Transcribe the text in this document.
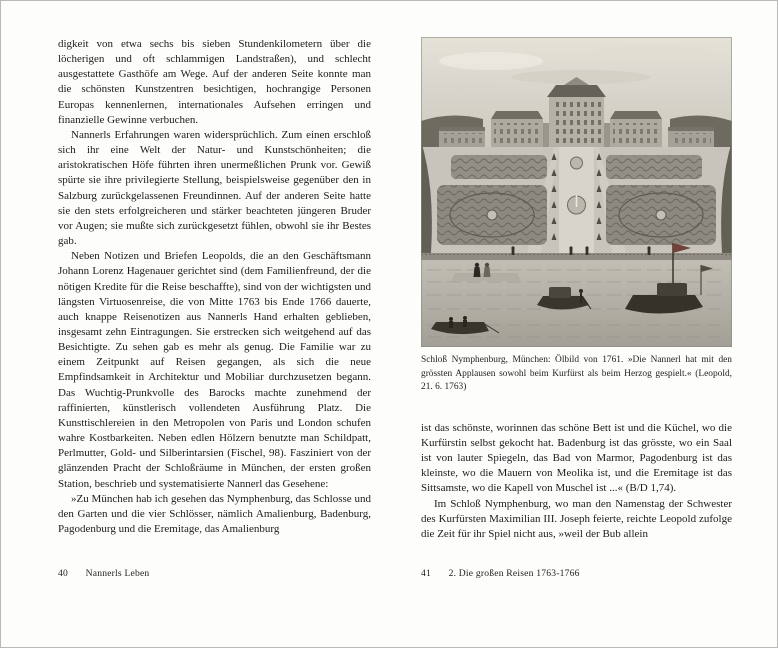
digkeit von etwa sechs bis sieben Stundenkilometern über die löcherigen und oft schlammigen Landstraßen), und schlecht ausgestattete Gasthöfe am Wege. Auf der anderen Seite konnte man die schönsten Kunstzentren besichtigen, hochrangige Personen Europas kennenlernen, internationales Aufsehen erringen und finanzielle Gewinne verbuchen.

Nannerls Erfahrungen waren widersprüchlich. Zum einen erschloß sich ihr eine Welt der Natur- und Kunstschönheiten; die aristokratischen Höfe führten ihren unermeßlichen Prunk vor. Gewiß spürte sie ihre privilegierte Stellung, beispielsweise gegenüber den in Salzburg zurückgelassenen Freundinnen. Auf der anderen Seite hatte sie den stets erfolgreicheren und stärker beachteten jüngeren Bruder vor Augen; sie mußte sich zurückgesetzt fühlen, obwohl sie ihr Bestes gab.

Neben Notizen und Briefen Leopolds, die an den Geschäftsmann Johann Lorenz Hagenauer gerichtet sind (dem Familienfreund, der die nötigen Kredite für die Reise beschaffte), sind von der wichtigsten und längsten Virtuosenreise, die von Mitte 1763 bis Ende 1766 dauerte, auch knappe Reisenotizen aus Nannerls Hand erhalten geblieben, insgesamt zehn Eintragungen. Sie erstrecken sich weitgehend auf das Besichtigte. Zu sehen gab es mehr als genug. Die Familie war zu einem Zeitpunkt auf Reisen gegangen, als sich die neue Empfindsamkeit in Architektur und Mobiliar durchzusetzen begann. Das Wuchtig-Prunkvolle des Barocks machte zunehmend der raffinierten, künstlerisch vollendeten Ausführung Platz. Die Kunsttischlereien in den Metropolen von Paris und London schufen wahre Kostbarkeiten. Neben edlen Hölzern benutzte man Schildpatt, Perlmutter, Gold- und Silberintarsien (Fischel, 98). Fasziniert von der glänzenden Pracht der Schloßräume in München, der ersten großen Station, beschrieb und systematisierte Nannerl das Gesehene:

»Zu München hab ich gesehen das Nymphenburg, das Schlosse und den Garten und die vier Schlösser, nämlich Amalienburg, Badenburg, Pagodenburg und die Eremitage, das Amalienburg

40 Nannerls Leben

Schloß Nymphenburg, München: Ölbild von 1761. »Die Nannerl hat mit den grössten Applausen sowohl beim Kurfürst als beim Herzog gespielt.« (Leopold, 21. 6. 1763)

ist das schönste, worinnen das schöne Bett ist und die Küchel, wo die Kurfürstin selbst gekocht hat. Badenburg ist das grösste, wo ein Saal ist von lauter Spiegeln, das Bad von Marmor, Pagodenburg ist das kleinste, wo die Mauern von Meolika ist, und die Eremitage ist das Sittsamste, wo die Kapell von Muschel ist ...« (B/D 1,74).

Im Schloß Nymphenburg, wo man den Namenstag der Schwester des Kurfürsten Maximilian III. Joseph feierte, reichte Leopold zufolge die Zeit für ihr Spiel nicht aus, »weil der Bub allein

41 2. Die großen Reisen 1763-1766
